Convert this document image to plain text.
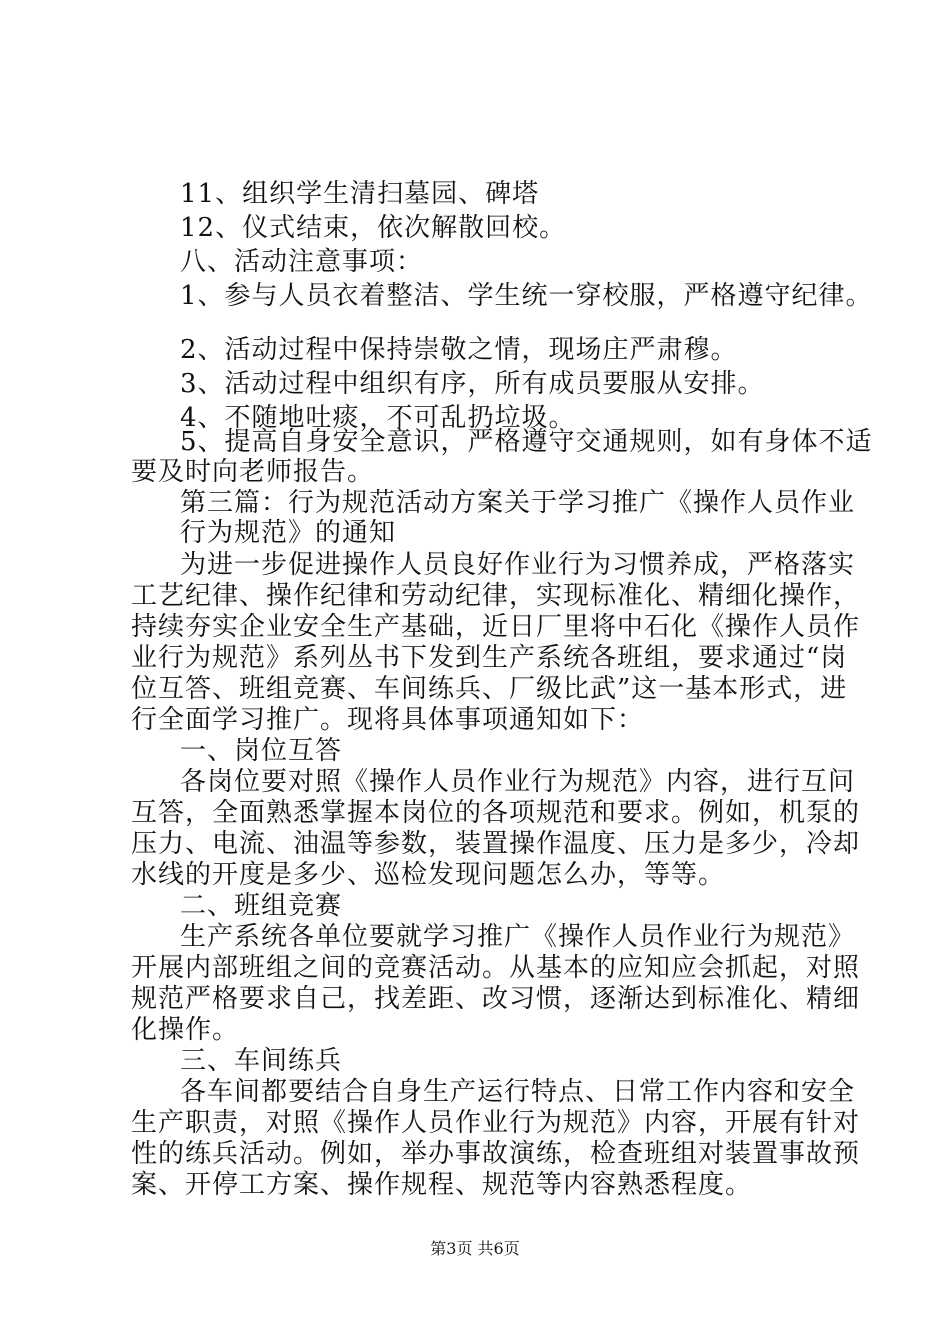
11、组织学生清扫墓园、碑塔
12、仪式结束，依次解散回校。
八、活动注意事项：
1、参与人员衣着整洁、学生统一穿校服，严格遵守纪律。
2、活动过程中保持崇敬之情，现场庄严肃穆。
3、活动过程中组织有序，所有成员要服从安排。
4、不随地吐痰，不可乱扔垃圾。
5、提高自身安全意识，严格遵守交通规则，如有身体不适
要及时向老师报告。
第三篇：行为规范活动方案关于学习推广《操作人员作业
行为规范》的通知
为进一步促进操作人员良好作业行为习惯养成，严格落实
工艺纪律、操作纪律和劳动纪律，实现标准化、精细化操作，
持续夯实企业安全生产基础，近日厂里将中石化《操作人员作
业行为规范》系列丛书下发到生产系统各班组，要求通过“岗
位互答、班组竞赛、车间练兵、厂级比武”这一基本形式，进
行全面学习推广。现将具体事项通知如下：
一、岗位互答
各岗位要对照《操作人员作业行为规范》内容，进行互问
互答，全面熟悉掌握本岗位的各项规范和要求。例如，机泵的
压力、电流、油温等参数，装置操作温度、压力是多少，冷却
水线的开度是多少、巡检发现问题怎么办，等等。
二、班组竞赛
生产系统各单位要就学习推广《操作人员作业行为规范》
开展内部班组之间的竞赛活动。从基本的应知应会抓起，对照
规范严格要求自己，找差距、改习惯，逐渐达到标准化、精细
化操作。
三、车间练兵
各车间都要结合自身生产运行特点、日常工作内容和安全
生产职责，对照《操作人员作业行为规范》内容，开展有针对
性的练兵活动。例如，举办事故演练，检查班组对装置事故预
案、开停工方案、操作规程、规范等内容熟悉程度。
第3页 共6页
